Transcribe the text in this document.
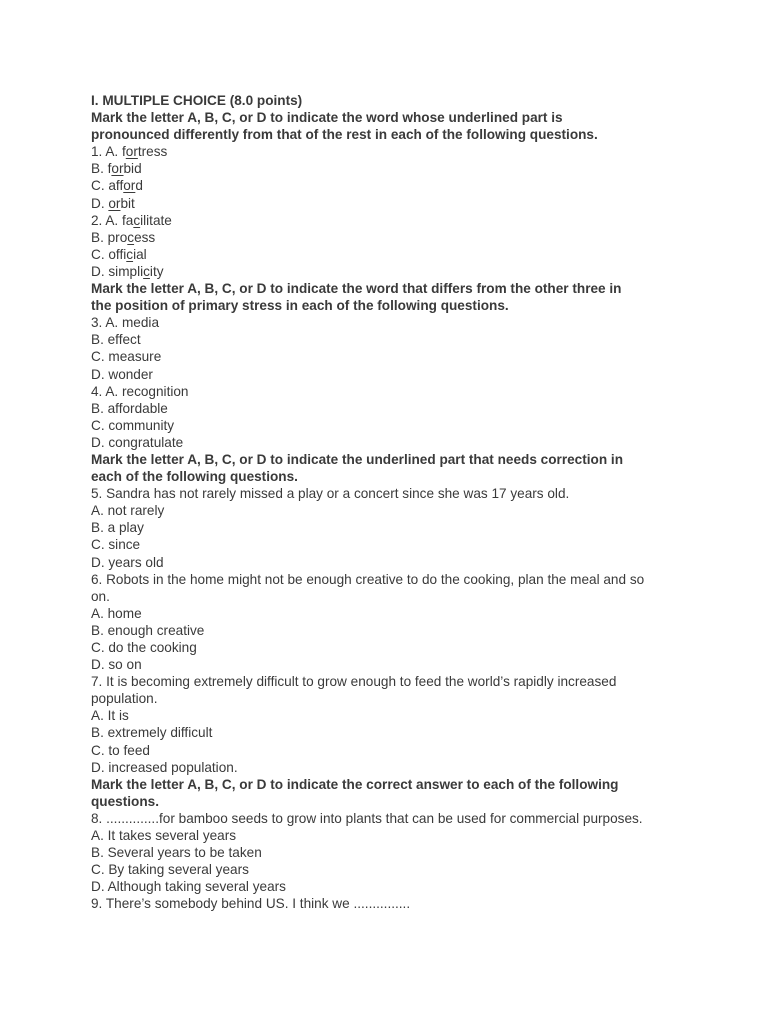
I. MULTIPLE CHOICE (8.0 points)
Mark the letter A, B, C, or D to indicate the word whose underlined part is
pronounced differently from that of the rest in each of the following questions.
1. A. fortress
B. forbid
C. afford
D. orbit
2. A. facilitate
B. process
C. official
D. simplicity
Mark the letter A, B, C, or D to indicate the word that differs from the other three in
the position of primary stress in each of the following questions.
3. A. media
B. effect
C. measure
D. wonder
4. A. recognition
B. affordable
C. community
D. congratulate
Mark the letter A, B, C, or D to indicate the underlined part that needs correction in
each of the following questions.
5. Sandra has not rarely missed a play or a concert since she was 17 years old.
A. not rarely
B. a play
C. since
D. years old
6. Robots in the home might not be enough creative to do the cooking, plan the meal and so
on.
A. home
B. enough creative
C. do the cooking
D. so on
7. It is becoming extremely difficult to grow enough to feed the world’s rapidly increased
population.
A. It is
B. extremely difficult
C. to feed
D. increased population.
Mark the letter A, B, C, or D to indicate the correct answer to each of the following
questions.
8. ..............for bamboo seeds to grow into plants that can be used for commercial purposes.
A. It takes several years
B. Several years to be taken
C. By taking several years
D. Although taking several years
9. There’s somebody behind US. I think we ...............
